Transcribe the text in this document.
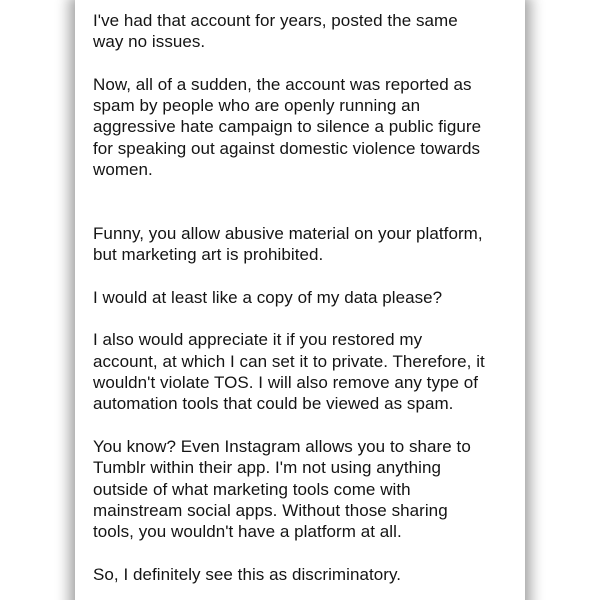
I've had that account for years, posted the same
way no issues.

Now, all of a sudden, the account was reported as
spam by people who are openly running an
aggressive hate campaign to silence a public figure
for speaking out against domestic violence towards
women.

Funny, you allow abusive material on your platform,
but marketing art is prohibited.

I would at least like a copy of my data please?

I also would appreciate it if you restored my
account, at which I can set it to private. Therefore, it
wouldn't violate TOS. I will also remove any type of
automation tools that could be viewed as spam.

You know? Even Instagram allows you to share to
Tumblr within their app. I'm not using anything
outside of what marketing tools come with
mainstream social apps. Without those sharing
tools, you wouldn't have a platform at all.

So, I definitely see this as discriminatory.
